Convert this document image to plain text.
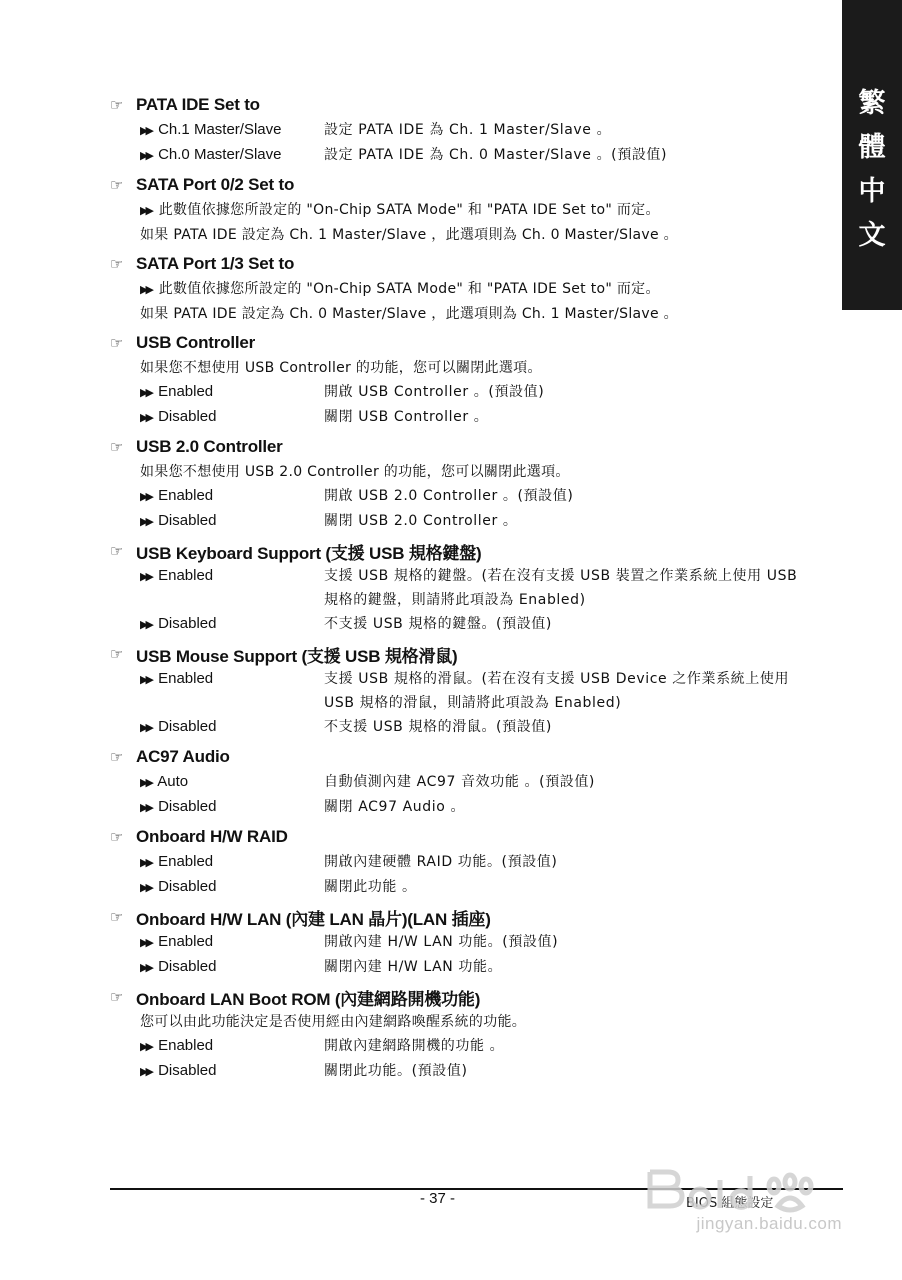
繁
體
中
文
☞ PATA IDE Set to
▶▶ Ch.1 Master/Slave	設定 PATA IDE 為 Ch. 1 Master/Slave 。
▶▶ Ch.0 Master/Slave	設定 PATA IDE 為 Ch. 0 Master/Slave 。(預設值)
☞ SATA Port 0/2 Set to
▶▶ 此數值依據您所設定的 "On-Chip SATA Mode" 和 "PATA IDE Set to" 而定。
如果 PATA IDE 設定為 Ch. 1 Master/Slave ，此選項則為 Ch. 0 Master/Slave 。
☞ SATA Port 1/3 Set to
▶▶ 此數值依據您所設定的 "On-Chip SATA Mode" 和 "PATA IDE Set to" 而定。
如果 PATA IDE 設定為 Ch. 0 Master/Slave ，此選項則為 Ch. 1 Master/Slave 。
☞ USB Controller
如果您不想使用 USB Controller 的功能，您可以關閉此選項。
▶▶ Enabled	開啟 USB Controller 。(預設值)
▶▶ Disabled	關閉 USB Controller 。
☞ USB 2.0 Controller
如果您不想使用 USB 2.0 Controller 的功能，您可以關閉此選項。
▶▶ Enabled	開啟 USB 2.0 Controller 。(預設值)
▶▶ Disabled	關閉 USB 2.0 Controller 。
☞ USB Keyboard Support (支援 USB 規格鍵盤)
▶▶ Enabled	支援 USB 規格的鍵盤。(若在沒有支援 USB 裝置之作業系統上使用 USB 規格的鍵盤，則請將此項設為 Enabled)
▶▶ Disabled	不支援 USB 規格的鍵盤。(預設值)
☞ USB Mouse Support (支援 USB 規格滑鼠)
▶▶ Enabled	支援 USB 規格的滑鼠。(若在沒有支援 USB Device 之作業系統上使用 USB 規格的滑鼠，則請將此項設為 Enabled)
▶▶ Disabled	不支援 USB 規格的滑鼠。(預設值)
☞ AC97 Audio
▶▶ Auto	自動偵測內建 AC97 音效功能 。(預設值)
▶▶ Disabled	關閉 AC97 Audio 。
☞ Onboard H/W RAID
▶▶ Enabled	開啟內建硬體 RAID 功能。(預設值)
▶▶ Disabled	關閉此功能 。
☞ Onboard H/W LAN (內建 LAN 晶片)(LAN 插座)
▶▶ Enabled	開啟內建 H/W LAN 功能。(預設值)
▶▶ Disabled	關閉內建 H/W LAN 功能。
☞ Onboard LAN Boot ROM (內建網路開機功能)
您可以由此功能決定是否使用經由內建網路喚醒系統的功能。
▶▶ Enabled	開啟內建網路開機的功能 。
▶▶ Disabled	關閉此功能。(預設值)
- 37 -	BIOS 組態設定
jingyan.baidu.com
